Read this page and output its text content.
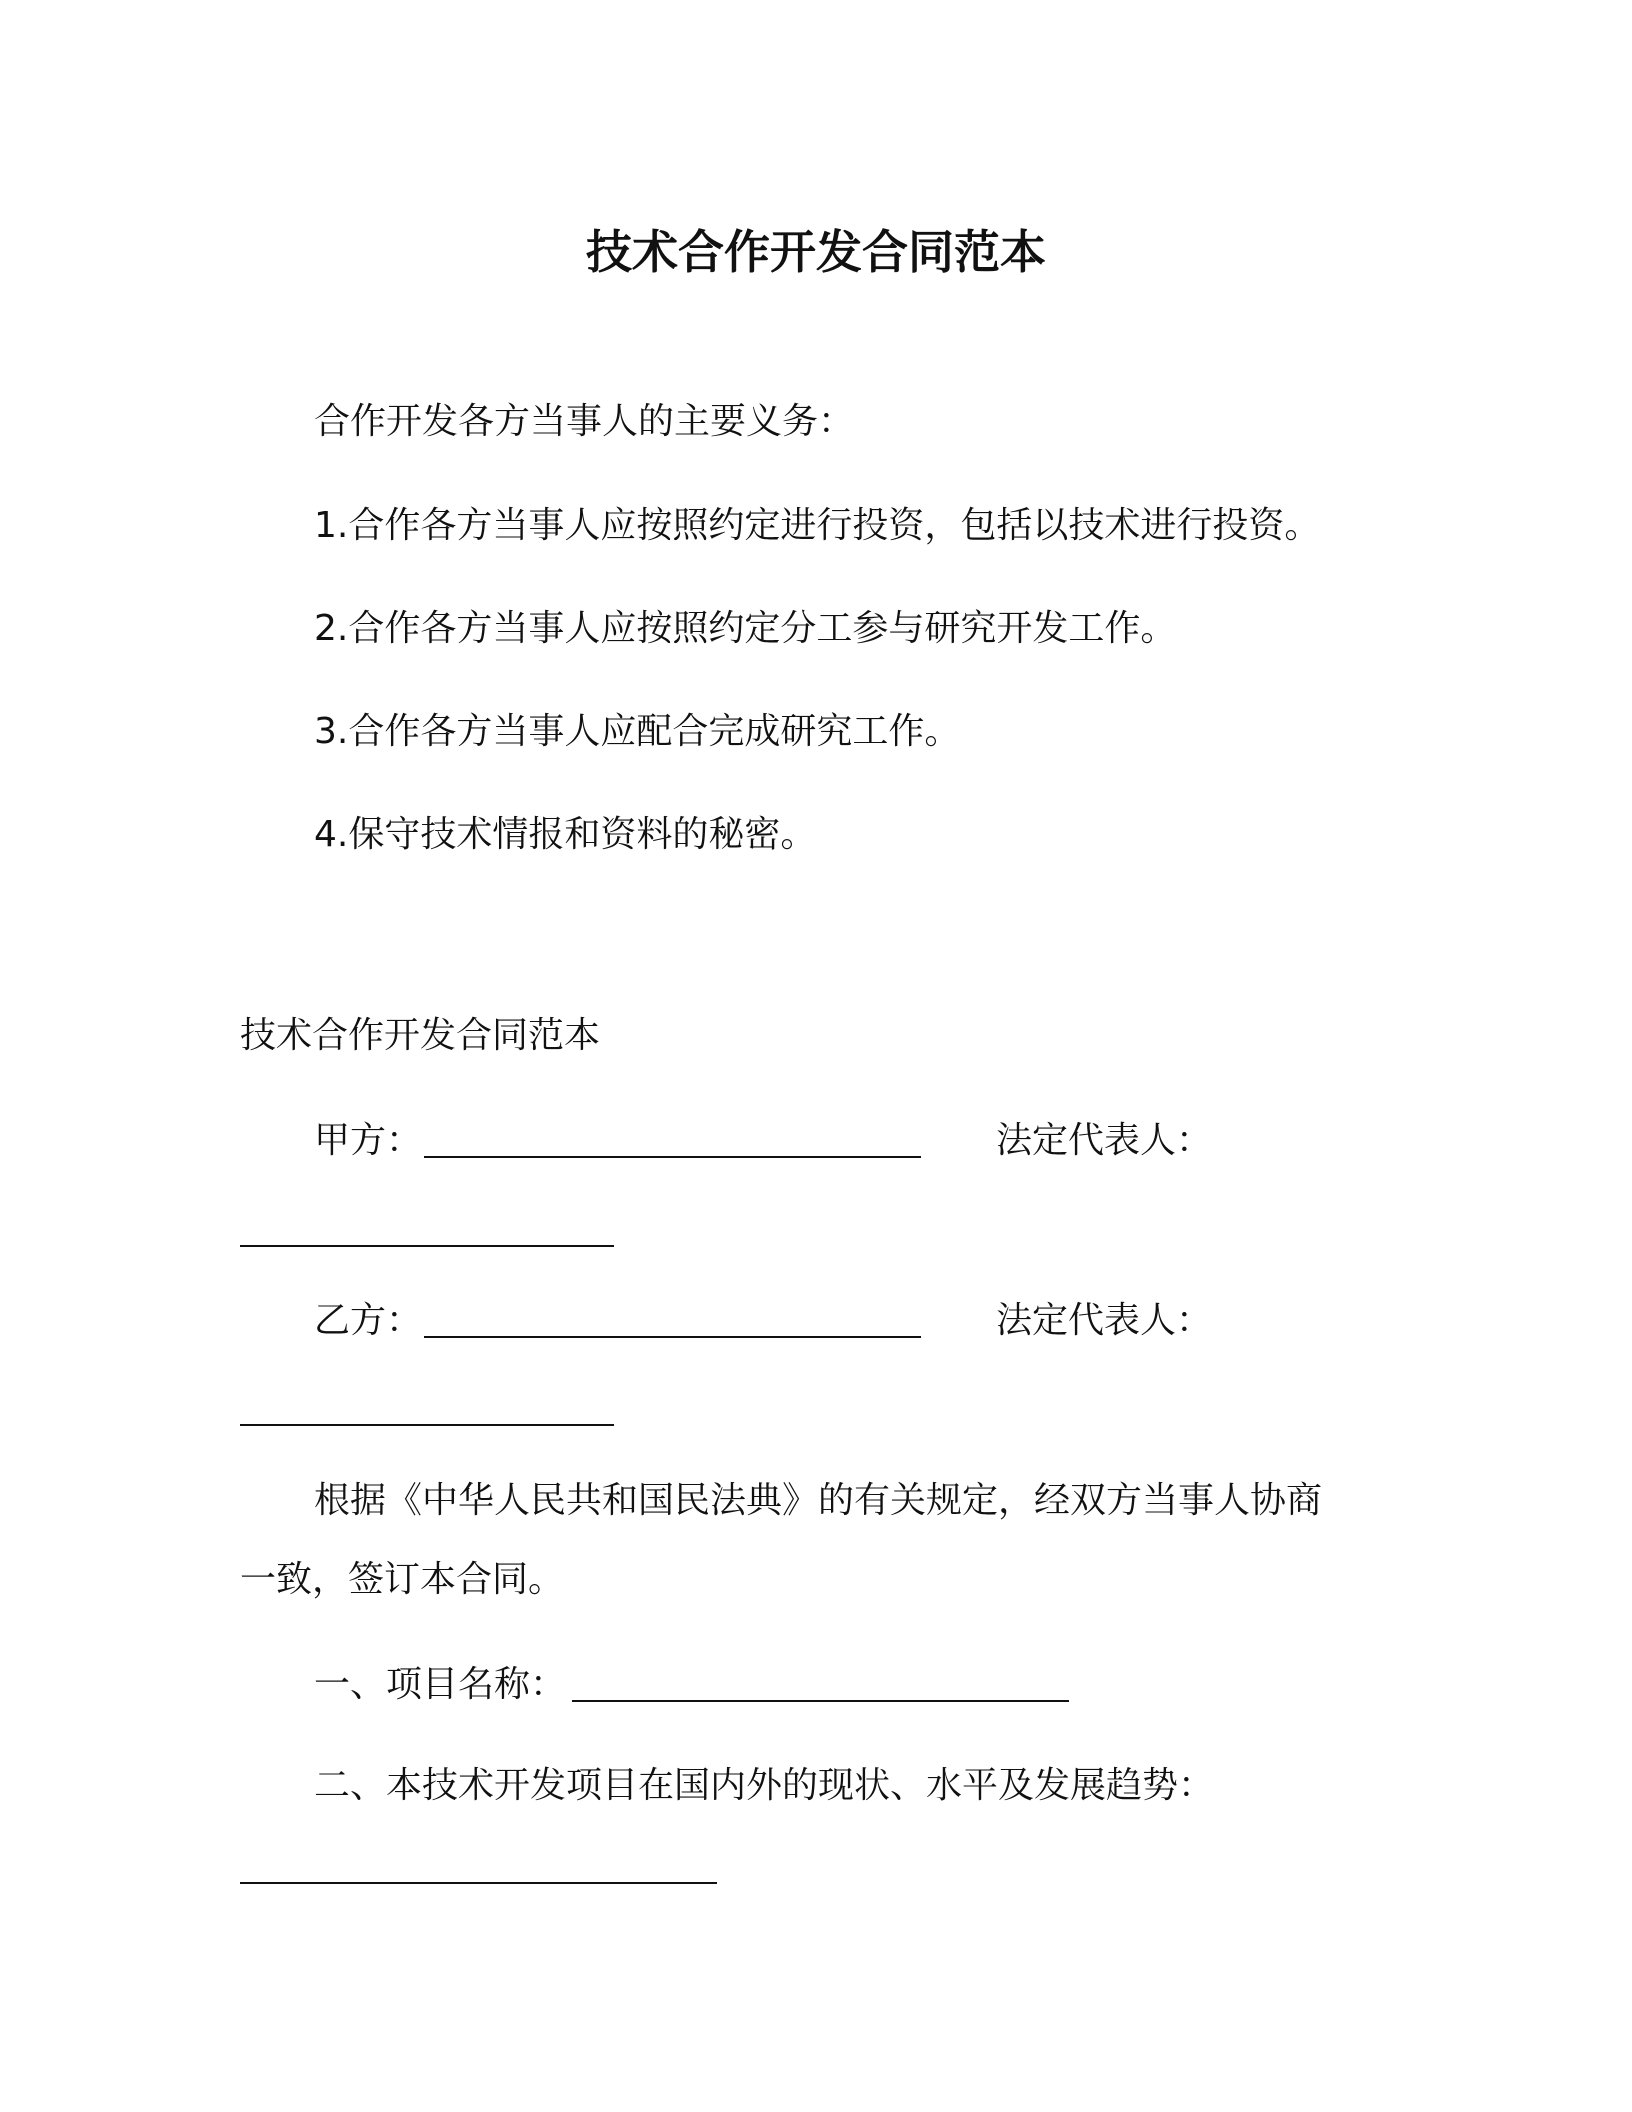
技术合作开发合同范本

合作开发各方当事人的主要义务：

1.合作各方当事人应按照约定进行投资，包括以技术进行投资。

2.合作各方当事人应按照约定分工参与研究开发工作。

3.合作各方当事人应配合完成研究工作。

4.保守技术情报和资料的秘密。

技术合作开发合同范本

甲方：	法定代表人：

乙方：	法定代表人：

根据《中华人民共和国民法典》的有关规定，经双方当事人协商

一致，签订本合同。

一、项目名称：

二、本技术开发项目在国内外的现状、水平及发展趋势：
